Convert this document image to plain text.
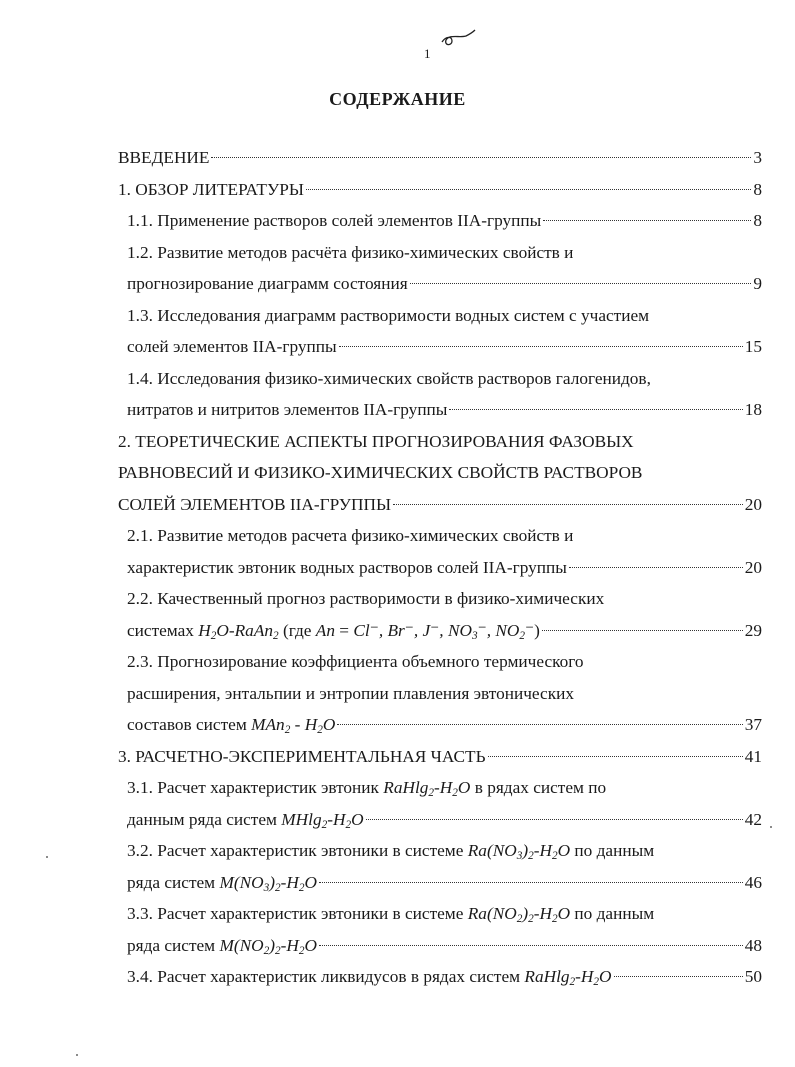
1
СОДЕРЖАНИЕ
ВВЕДЕНИЕ	3
1. ОБЗОР ЛИТЕРАТУРЫ	8
1.1. Применение растворов солей элементов IIA-группы	8
1.2. Развитие методов расчёта физико-химических свойств и
прогнозирование диаграмм состояния	9
1.3. Исследования диаграмм растворимости водных систем с участием
солей элементов IIA-группы	15
1.4. Исследования физико-химических свойств растворов галогенидов,
нитратов и нитритов элементов IIA-группы	18
2. ТЕОРЕТИЧЕСКИЕ АСПЕКТЫ ПРОГНОЗИРОВАНИЯ ФАЗОВЫХ
РАВНОВЕСИЙ И ФИЗИКО-ХИМИЧЕСКИХ СВОЙСТВ РАСТВОРОВ
СОЛЕЙ ЭЛЕМЕНТОВ IIA-ГРУППЫ	20
2.1. Развитие методов расчета физико-химических свойств и
характеристик эвтоник водных растворов солей IIA-группы	20
2.2. Качественный прогноз растворимости в физико-химических
системах $H_2O-RaAn_2$ (где An = Cl⁻, Br⁻, J⁻, $NO_3^-$, $NO_2^-$)	29
2.3. Прогнозирование коэффициента объемного термического
расширения, энтальпии и энтропии плавления эвтонических
составов систем $MAn_2 - H_2O$	37
3. РАСЧЕТНО-ЭКСПЕРИМЕНТАЛЬНАЯ ЧАСТЬ	41
3.1. Расчет характеристик эвтоник $RaHlg_2-H_2O$ в рядах систем по
данным ряда систем $MHlg_2-H_2O$	42
3.2. Расчет характеристик эвтоники в системе $Ra(NO_3)_2-H_2O$ по данным
ряда систем $M(NO_3)_2-H_2O$	46
3.3. Расчет характеристик эвтоники в системе $Ra(NO_2)_2-H_2O$ по данным
ряда систем $M(NO_2)_2-H_2O$	48
3.4. Расчет характеристик ликвидусов в рядах систем $RaHlg_2-H_2O$	50
